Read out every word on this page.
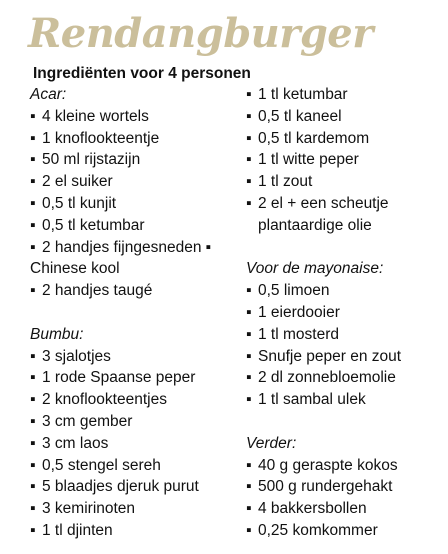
Rendangburger
Ingrediënten voor 4 personen
Acar:
▪ 4 kleine wortels
▪ 1 knoflookteentje
▪ 50 ml rijstazijn
▪ 2 el suiker
▪ 0,5 tl kunjit
▪ 0,5 tl ketumbar
▪ 2 handjes fijngesneden ▪
Chinese kool
▪ 2 handjes taugé
Bumbu:
▪ 3 sjalotjes
▪ 1 rode Spaanse peper
▪ 2 knoflookteentjes
▪ 3 cm gember
▪ 3 cm laos
▪ 0,5 stengel sereh
▪ 5 blaadjes djeruk purut
▪ 3 kemirinoten
▪ 1 tl djinten
▪ 1 tl ketumbar
▪ 0,5 tl kaneel
▪ 0,5 tl kardemom
▪ 1 tl witte peper
▪ 1 tl zout
▪ 2 el + een scheutje
plantaardige olie
Voor de mayonaise:
▪ 0,5 limoen
▪ 1 eierdooier
▪ 1 tl mosterd
▪ Snufje peper en zout
▪ 2 dl zonnebloemolie
▪ 1 tl sambal ulek
Verder:
▪ 40 g geraspte kokos
▪ 500 g rundergehakt
▪ 4 bakkersbollen
▪ 0,25 komkommer
